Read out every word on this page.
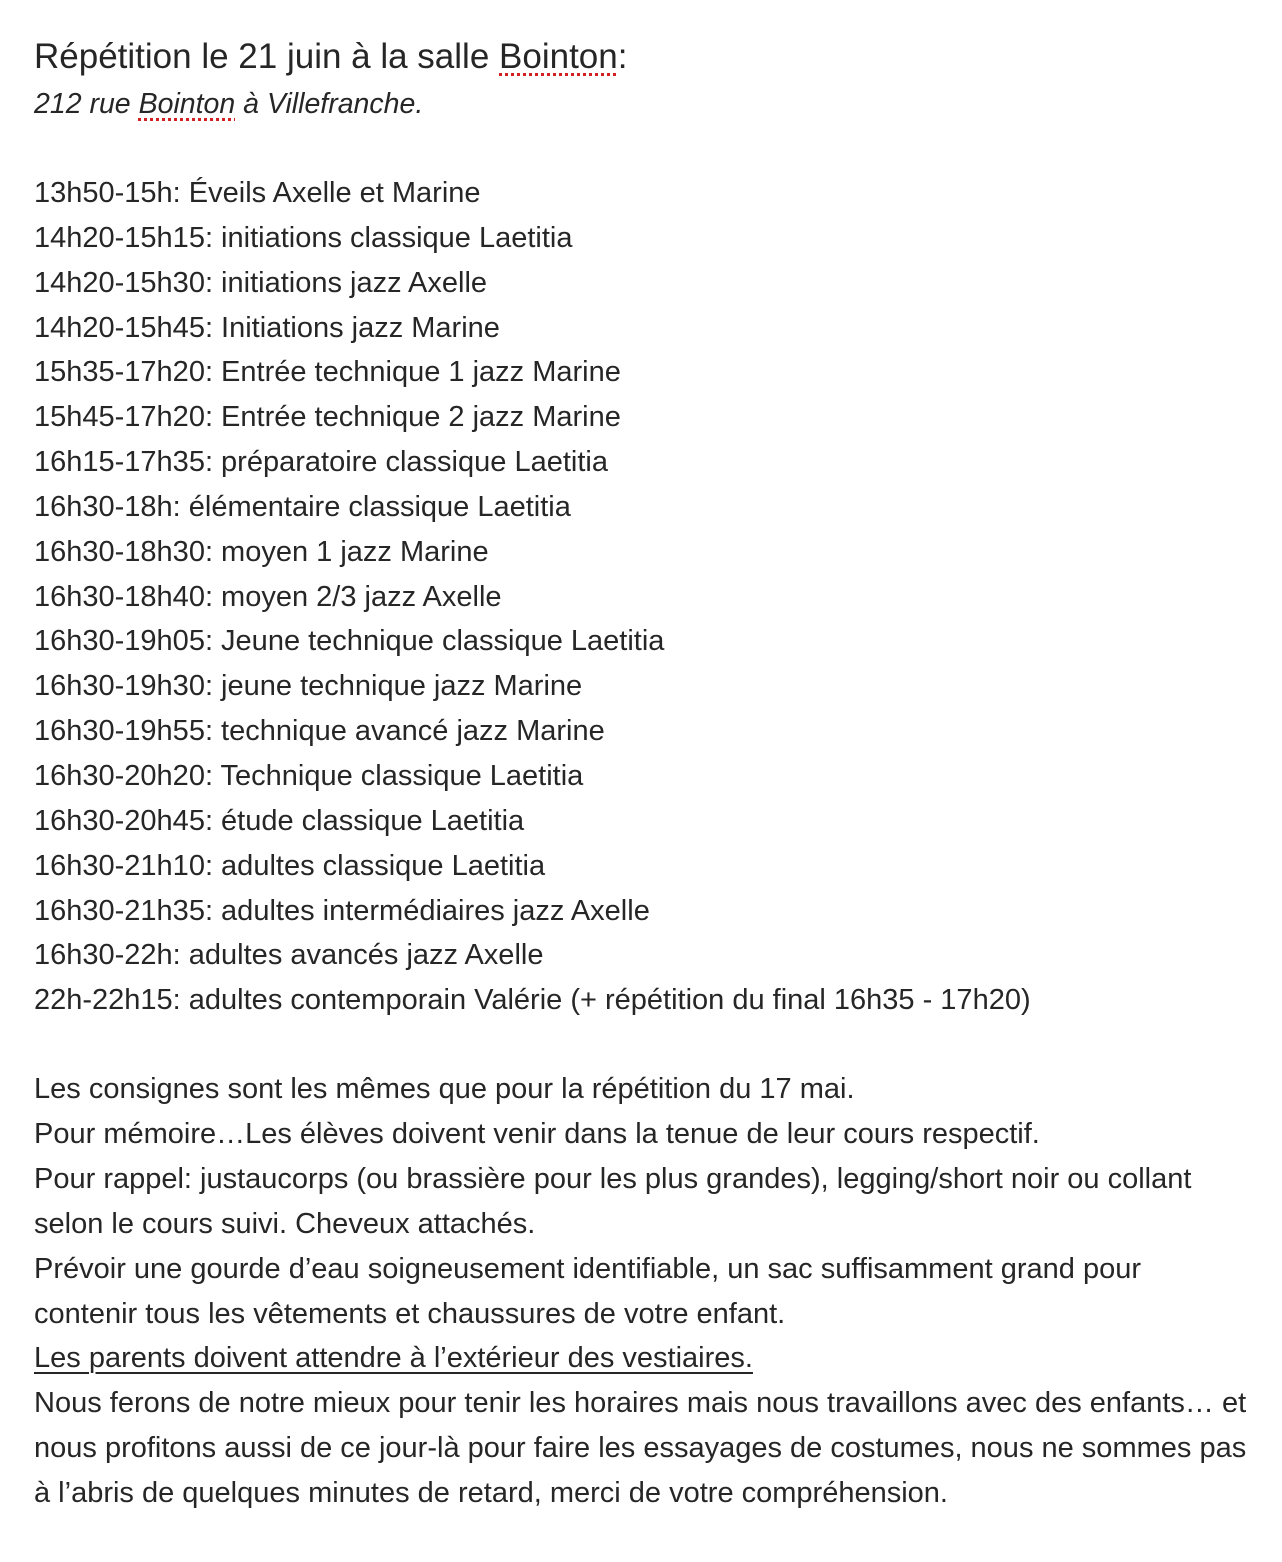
Répétition le 21 juin à la salle Bointon:

212 rue Bointon à Villefranche.

13h50-15h: Éveils Axelle et Marine
14h20-15h15: initiations classique Laetitia
14h20-15h30: initiations jazz Axelle
14h20-15h45: Initiations jazz Marine
15h35-17h20: Entrée technique 1 jazz Marine
15h45-17h20: Entrée technique 2 jazz Marine
16h15-17h35: préparatoire classique Laetitia
16h30-18h: élémentaire classique Laetitia
16h30-18h30: moyen 1 jazz Marine
16h30-18h40: moyen 2/3 jazz Axelle
16h30-19h05: Jeune technique classique Laetitia
16h30-19h30: jeune technique jazz Marine
16h30-19h55: technique avancé jazz Marine
16h30-20h20: Technique classique Laetitia
16h30-20h45: étude classique Laetitia
16h30-21h10: adultes classique Laetitia
16h30-21h35: adultes intermédiaires jazz Axelle
16h30-22h: adultes avancés jazz Axelle
22h-22h15: adultes contemporain Valérie (+ répétition du final 16h35 - 17h20)

Les consignes sont les mêmes que pour la répétition du 17 mai.

Pour mémoire…Les élèves doivent venir dans la tenue de leur cours respectif.

Pour rappel: justaucorps (ou brassière pour les plus grandes), legging/short noir ou collant selon le cours suivi. Cheveux attachés.

Prévoir une gourde d’eau soigneusement identifiable, un sac suffisamment grand pour contenir tous les vêtements et chaussures de votre enfant.

Les parents doivent attendre à l’extérieur des vestiaires.

Nous ferons de notre mieux pour tenir les horaires mais nous travaillons avec des enfants… et nous profitons aussi de ce jour-là pour faire les essayages de costumes, nous ne sommes pas à l’abris de quelques minutes de retard, merci de votre compréhension.
